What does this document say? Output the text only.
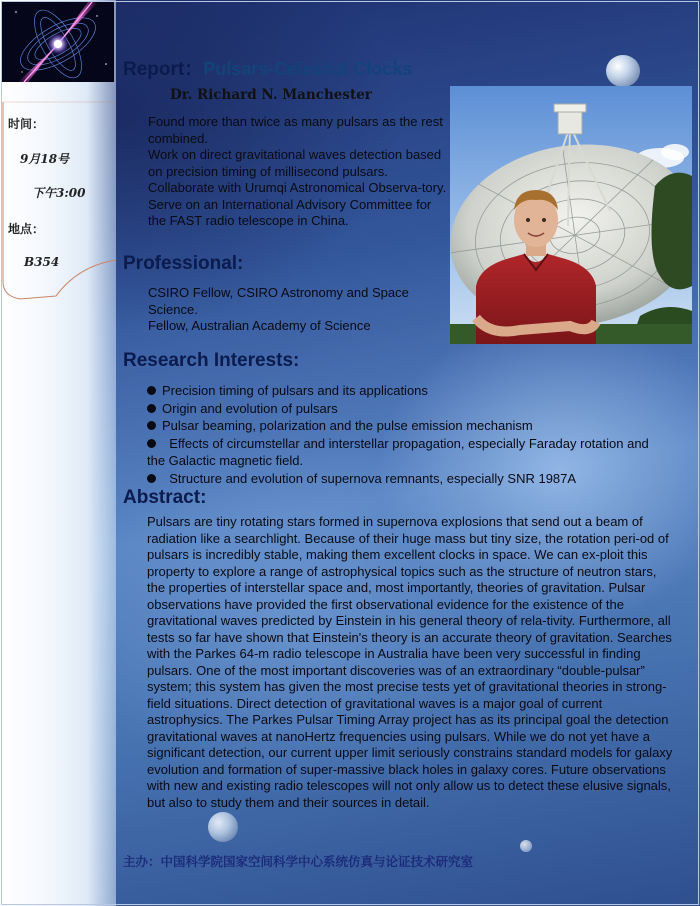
时间：
9月18号
下午3:00
地点：
B354
Report：Pulsars-Celestial Clocks
Dr. Richard N. Manchester

Found more than twice as many pulsars as the rest combined.

Work on direct gravitational waves detection based on precision timing of millisecond pulsars.

Collaborate with Urumqi Astronomical Observa-tory.

Serve on an International Advisory Committee for the FAST radio telescope in China.

Professional:

CSIRO Fellow, CSIRO Astronomy and Space Science.

Fellow, Australian Academy of Science

Research Interests:
Precision timing of pulsars and its applications
Origin and evolution of pulsars
Pulsar beaming, polarization and the pulse emission mechanism
Effects of circumstellar and interstellar propagation, especially Faraday rotation and   the Galactic magnetic field.
Structure and evolution of supernova remnants, especially SNR 1987A
Abstract:
Pulsars are tiny rotating stars formed in supernova explosions that send out a beam of radiation like a searchlight. Because of their huge mass but tiny size, the rotation peri-od of pulsars is incredibly stable, making them excellent clocks in space. We can ex-ploit this property to explore a range of astrophysical topics such as the structure of neutron stars, the properties of interstellar space and, most importantly, theories of gravitation. Pulsar observations have provided the first observational evidence for the existence of the gravitational waves predicted by Einstein in his general theory of rela-tivity. Furthermore, all tests so far have shown that Einstein's theory is an accurate theory of gravitation. Searches with the Parkes 64-m radio telescope in Australia have been very successful in finding pulsars. One of the most important discoveries was of an extraordinary “double-pulsar” system; this system has given the most precise tests yet of gravitational theories in strong-field situations. Direct detection of gravitational waves is a major goal of current astrophysics. The Parkes Pulsar Timing Array project has as its principal goal the detection gravitational waves at nanoHertz frequencies using pulsars. While we do not yet have a significant detection, our current upper limit seriously constrains standard models for galaxy evolution and formation of super-massive black holes in galaxy cores. Future observations with new and existing radio telescopes will not only allow us to detect these elusive signals, but also to study them and their sources in detail.
主办：中国科学院国家空间科学中心系统仿真与论证技术研究室
